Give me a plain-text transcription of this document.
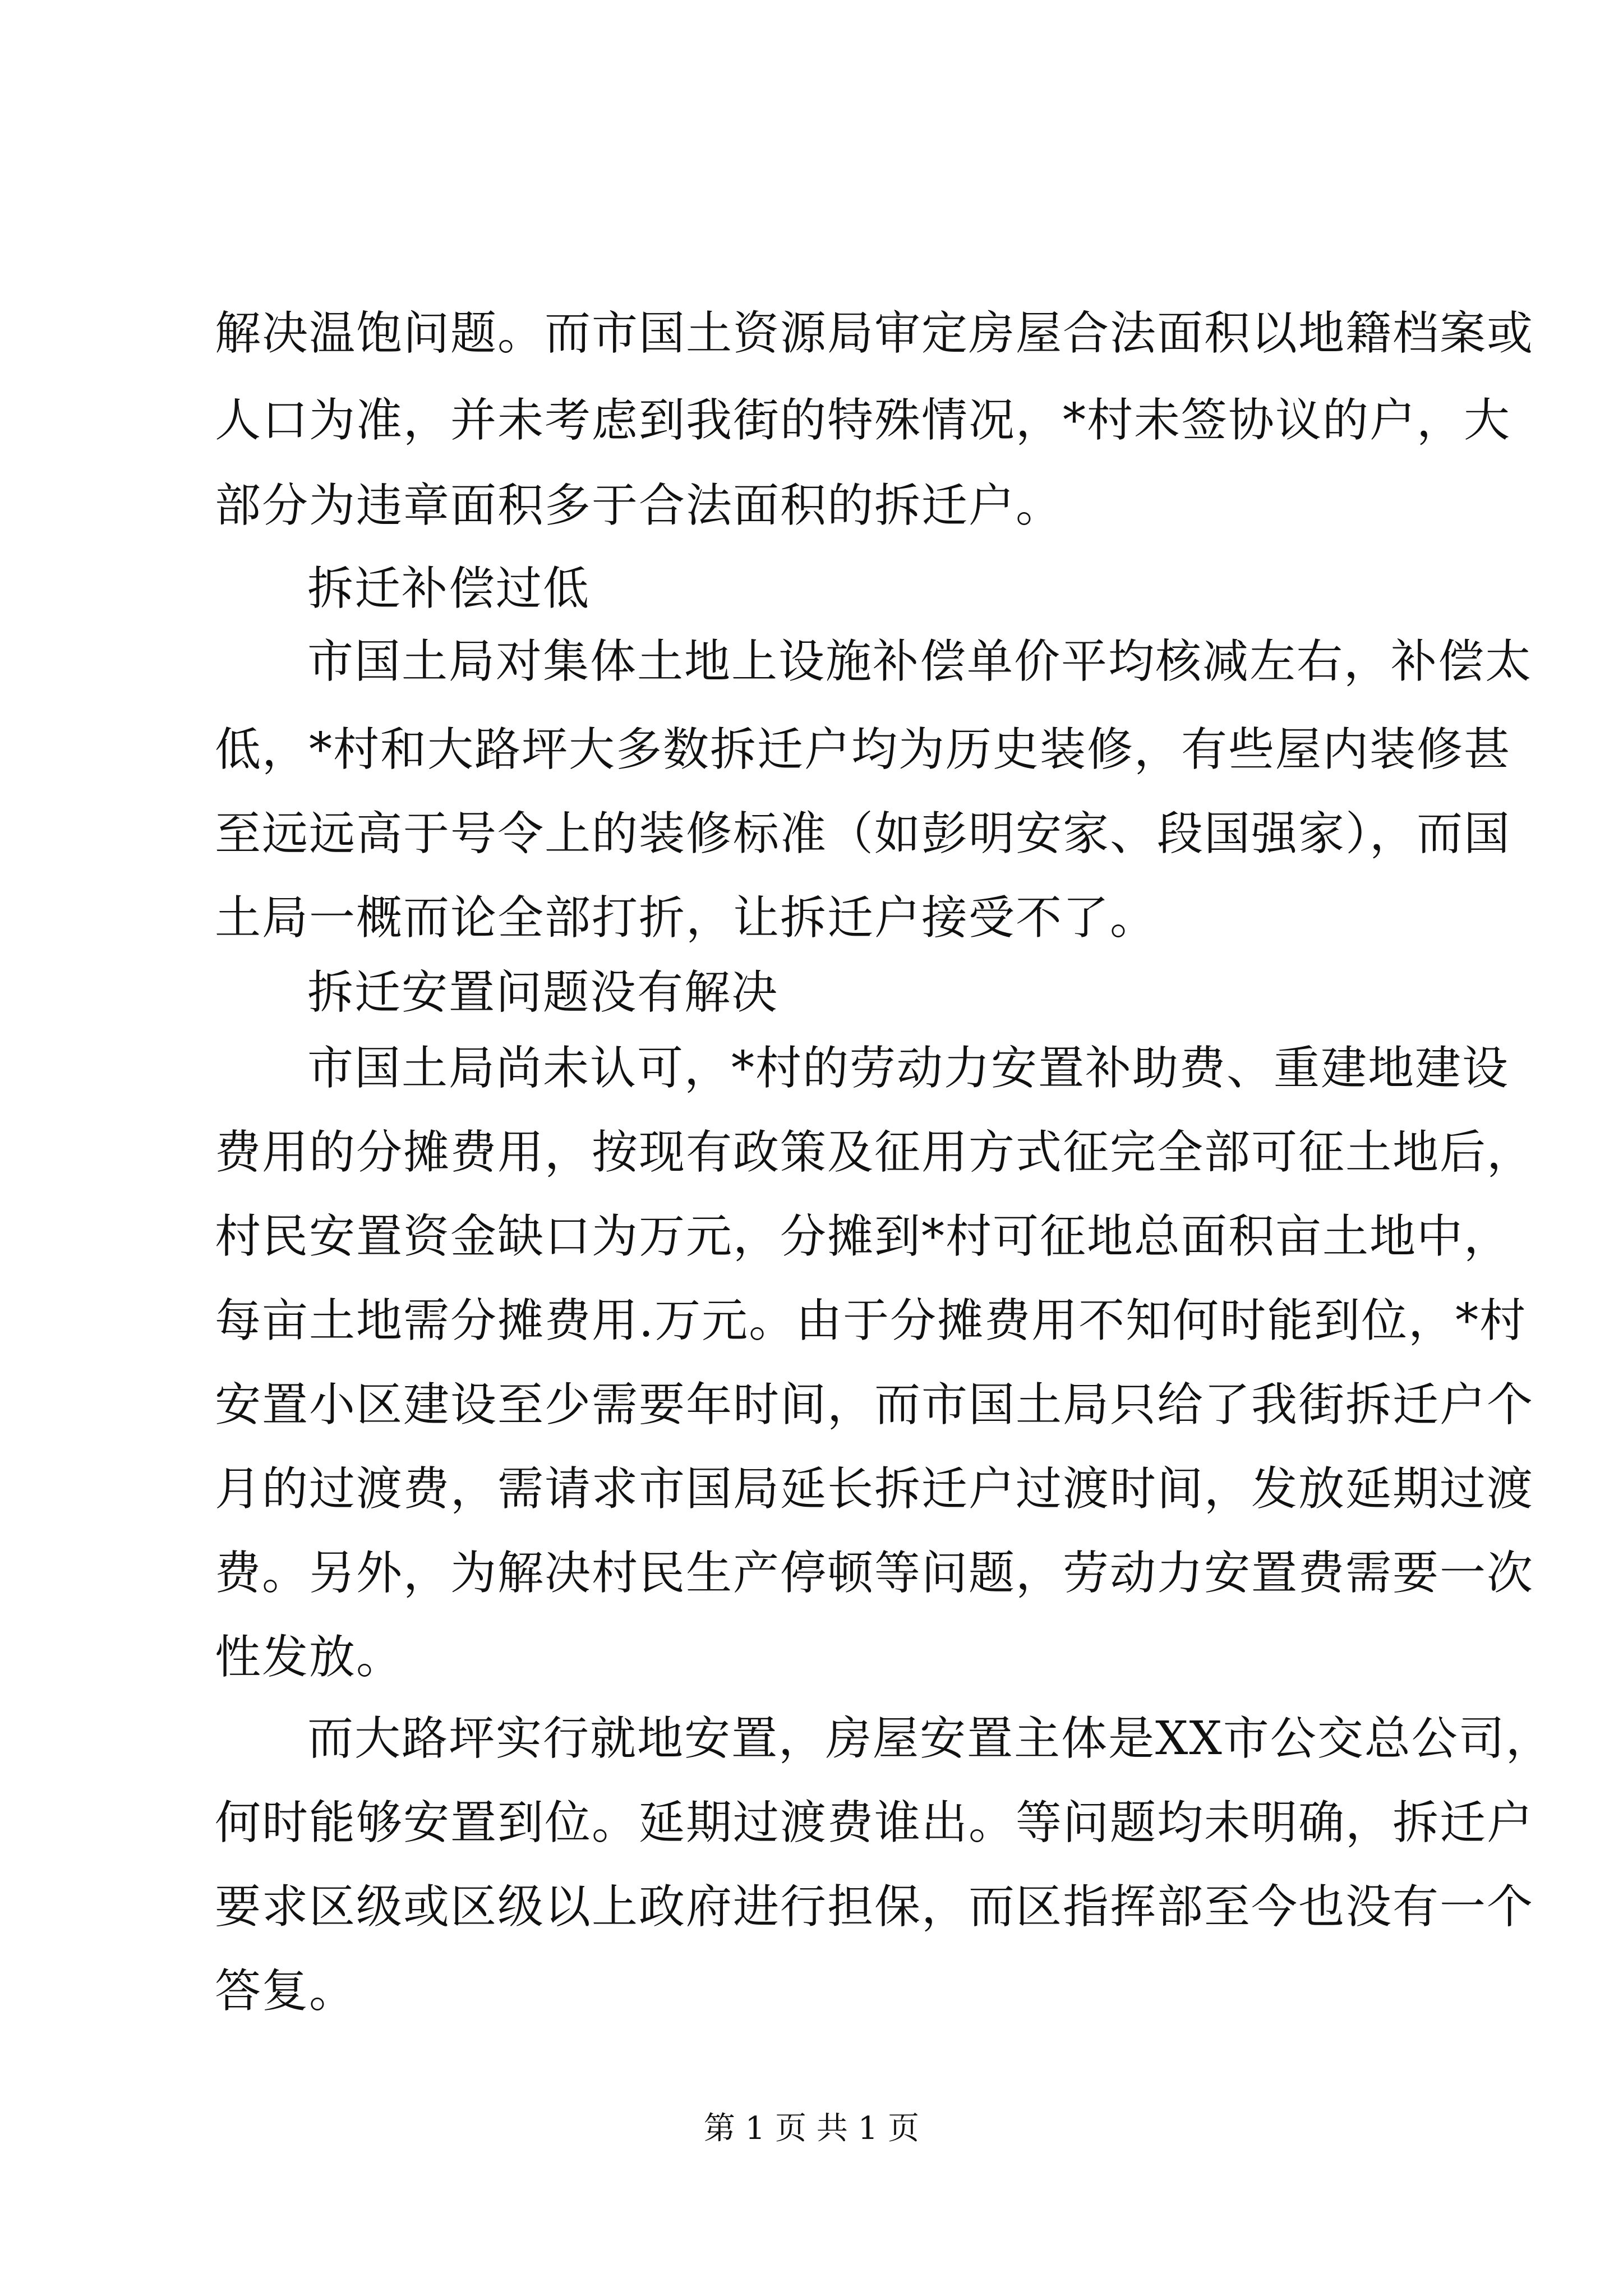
解决温饱问题。而市国土资源局审定房屋合法面积以地籍档案或
人口为准，并未考虑到我街的特殊情况，*村未签协议的户，大
部分为违章面积多于合法面积的拆迁户。
拆迁补偿过低
市国土局对集体土地上设施补偿单价平均核减左右，补偿太
低，*村和大路坪大多数拆迁户均为历史装修，有些屋内装修甚
至远远高于号令上的装修标准（如彭明安家、段国强家），而国
土局一概而论全部打折，让拆迁户接受不了。
拆迁安置问题没有解决
市国土局尚未认可，*村的劳动力安置补助费、重建地建设
费用的分摊费用，按现有政策及征用方式征完全部可征土地后，
村民安置资金缺口为万元，分摊到*村可征地总面积亩土地中，
每亩土地需分摊费用.万元。由于分摊费用不知何时能到位，*村
安置小区建设至少需要年时间，而市国土局只给了我街拆迁户个
月的过渡费，需请求市国局延长拆迁户过渡时间，发放延期过渡
费。另外，为解决村民生产停顿等问题，劳动力安置费需要一次
性发放。
而大路坪实行就地安置，房屋安置主体是XX市公交总公司，
何时能够安置到位。延期过渡费谁出。等问题均未明确，拆迁户
要求区级或区级以上政府进行担保，而区指挥部至今也没有一个
答复。
第 1 页 共 1 页
